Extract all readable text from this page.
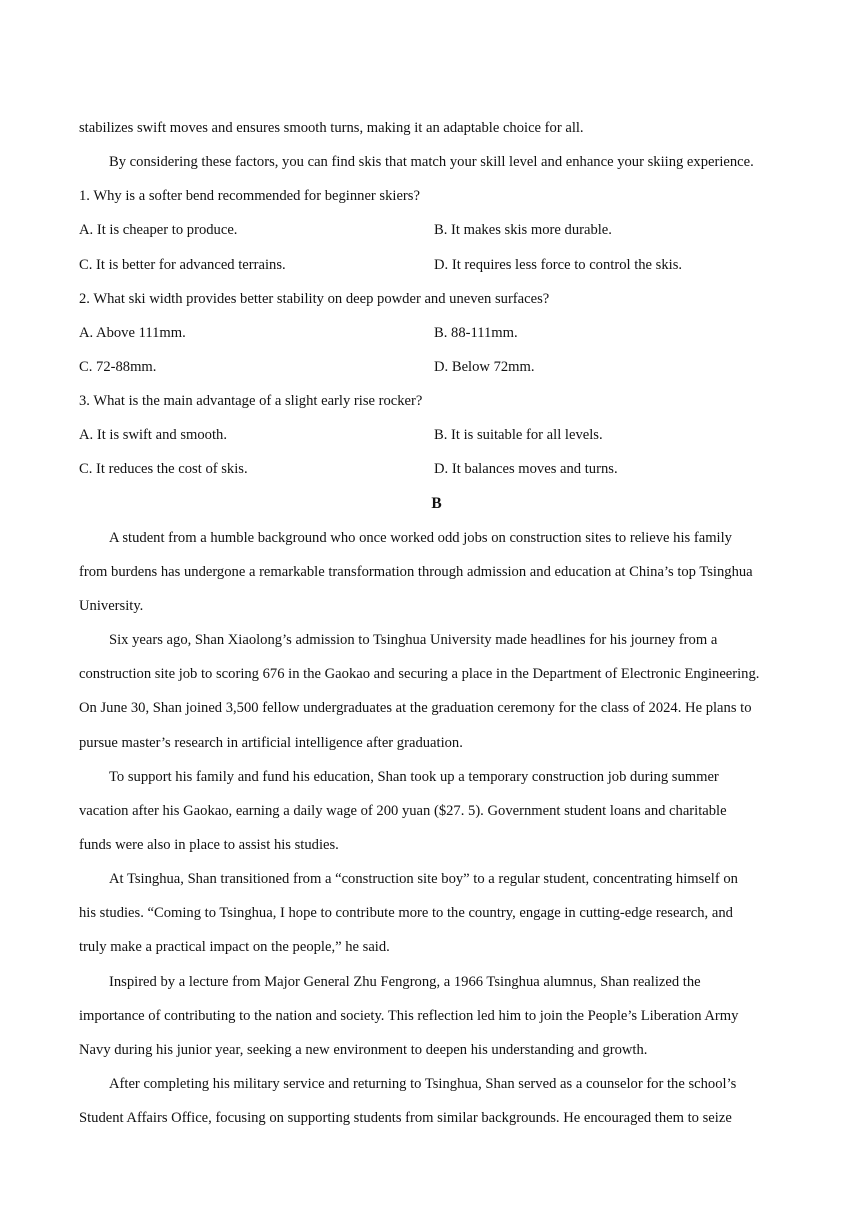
stabilizes swift moves and ensures smooth turns, making it an adaptable choice for all.
By considering these factors, you can find skis that match your skill level and enhance your skiing experience.
1. Why is a softer bend recommended for beginner skiers?
A. It is cheaper to produce.	B. It makes skis more durable.
C. It is better for advanced terrains.	D. It requires less force to control the skis.
2. What ski width provides better stability on deep powder and uneven surfaces?
A. Above 111mm.	B. 88-111mm.
C. 72-88mm.	D. Below 72mm.
3. What is the main advantage of a slight early rise rocker?
A. It is swift and smooth.	B. It is suitable for all levels.
C. It reduces the cost of skis.	D. It balances moves and turns.
B
A student from a humble background who once worked odd jobs on construction sites to relieve his family
from burdens has undergone a remarkable transformation through admission and education at China’s top Tsinghua
University.
Six years ago, Shan Xiaolong’s admission to Tsinghua University made headlines for his journey from a
construction site job to scoring 676 in the Gaokao and securing a place in the Department of Electronic Engineering.
On June 30, Shan joined 3,500 fellow undergraduates at the graduation ceremony for the class of 2024. He plans to
pursue master’s research in artificial intelligence after graduation.
To support his family and fund his education, Shan took up a temporary construction job during summer
vacation after his Gaokao, earning a daily wage of 200 yuan ($27. 5). Government student loans and charitable
funds were also in place to assist his studies.
At Tsinghua, Shan transitioned from a “construction site boy” to a regular student, concentrating himself on
his studies. “Coming to Tsinghua, I hope to contribute more to the country, engage in cutting-edge research, and
truly make a practical impact on the people,” he said.
Inspired by a lecture from Major General Zhu Fengrong, a 1966 Tsinghua alumnus, Shan realized the
importance of contributing to the nation and society. This reflection led him to join the People’s Liberation Army
Navy during his junior year, seeking a new environment to deepen his understanding and growth.
After completing his military service and returning to Tsinghua, Shan served as a counselor for the school’s
Student Affairs Office, focusing on supporting students from similar backgrounds. He encouraged them to seize
